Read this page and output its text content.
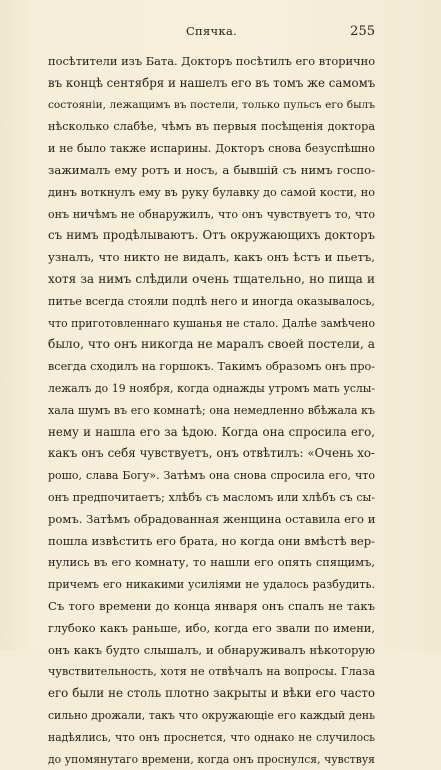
Спячка.	255
посѣтители изъ Бата. Докторъ посѣтилъ его вторично
въ концѣ сентября и нашелъ его въ томъ же самомъ
состояніи, лежащимъ въ постели, только пульсъ его былъ
нѣсколько слабѣе, чѣмъ въ первыя посѣщенія доктора
и не было также испарины. Докторъ снова безуспѣшно
зажималъ ему ротъ и носъ, а бывшій съ нимъ госпо-
динъ воткнулъ ему въ руку булавку до самой кости, но
онъ ничѣмъ не обнаружилъ, что онъ чувствуетъ то, что
съ нимъ продѣлываютъ. Отъ окружающихъ докторъ
узналъ, что никто не видалъ, какъ онъ ѣстъ и пьетъ,
хотя за нимъ слѣдили очень тщательно, но пища и
питье всегда стояли подлѣ него и иногда оказывалось,
что приготовленнаго кушанья не стало. Далѣе замѣчено
было, что онъ никогда не маралъ своей постели, а
всегда сходилъ на горшокъ. Такимъ образомъ онъ про-
лежалъ до 19 ноября, когда однажды утромъ мать услы-
хала шумъ въ его комнатѣ; она немедленно вбѣжала къ
нему и нашла его за ѣдою. Когда она спросила его,
какъ онъ себя чувствуетъ, онъ отвѣтилъ: «Очень хо-
рошо, слава Богу». Затѣмъ она снова спросила его, что
онъ предпочитаетъ; хлѣбъ съ масломъ или хлѣбъ съ сы-
ромъ. Затѣмъ обрадованная женщина оставила его и
пошла извѣстить его брата, но когда они вмѣстѣ вер-
нулись въ его комнату, то нашли его опять спящимъ,
причемъ его никакими усиліями не удалось разбудить.
Съ того времени до конца января онъ спалъ не такъ
глубоко какъ раньше, ибо, когда его звали по имени,
онъ какъ будто слышалъ, и обнаруживалъ нѣкоторую
чувствительность, хотя не отвѣчалъ на вопросы. Глаза
его были не столь плотно закрыты и вѣки его часто
сильно дрожали, такъ что окружающіе его каждый день
надѣялись, что онъ проснется, что однако не случилось
до упомянутаго времени, когда онъ проснулся, чувствуя
